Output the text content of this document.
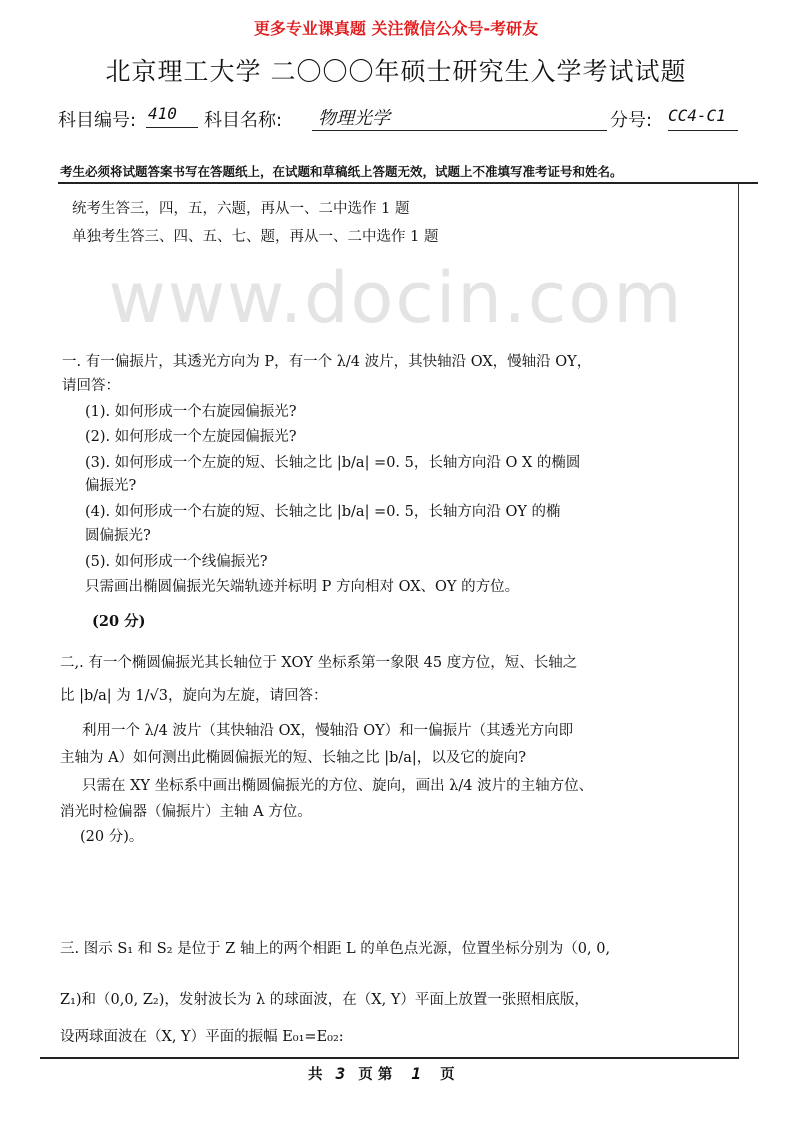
www.docin.com
更多专业课真题 关注微信公众号-考研友
北京理工大学 二〇〇〇年硕士研究生入学考试试题
科目编号: 410 科目名称: 物理光学	分号: CC4-C1
考生必须将试题答案书写在答题纸上，在试题和草稿纸上答题无效，试题上不准填写准考证号和姓名。
统考生答三，四，五，六题，再从一、二中选作 1 题
单独考生答三、四、五、七、题，再从一、二中选作 1 题
一. 有一偏振片，其透光方向为 P，有一个 λ/4 波片，其快轴沿 OX，慢轴沿 OY，
请回答：
(1). 如何形成一个右旋园偏振光?
(2). 如何形成一个左旋园偏振光?
(3). 如何形成一个左旋的短、长轴之比 |b/a| =0. 5，长轴方向沿 O X 的椭圆
偏振光?
(4). 如何形成一个右旋的短、长轴之比 |b/a| =0. 5，长轴方向沿 OY 的椭
圆偏振光?
(5). 如何形成一个线偏振光?
只需画出椭圆偏振光矢端轨迹并标明 P 方向相对 OX、OY 的方位。
(20 分)
二,. 有一个椭圆偏振光其长轴位于 XOY 坐标系第一象限 45 度方位，短、长轴之
比 |b/a| 为 1/√3，旋向为左旋，请回答：
利用一个 λ/4 波片（其快轴沿 OX，慢轴沿 OY）和一偏振片（其透光方向即
主轴为 A）如何测出此椭圆偏振光的短、长轴之比 |b/a|，以及它的旋向?
只需在 XY 坐标系中画出椭圆偏振光的方位、旋向，画出 λ/4 波片的主轴方位、
消光时检偏器（偏振片）主轴 A 方位。
(20 分)。
三. 图示 S₁ 和 S₂ 是位于 Z 轴上的两个相距 L 的单色点光源，位置坐标分别为（0, 0,
Z₁)和（0,0, Z₂)，发射波长为 λ 的球面波，在（X, Y）平面上放置一张照相底版，
设两球面波在（X, Y）平面的振幅 E₀₁=E₀₂:
共 3 页 第 1 页
